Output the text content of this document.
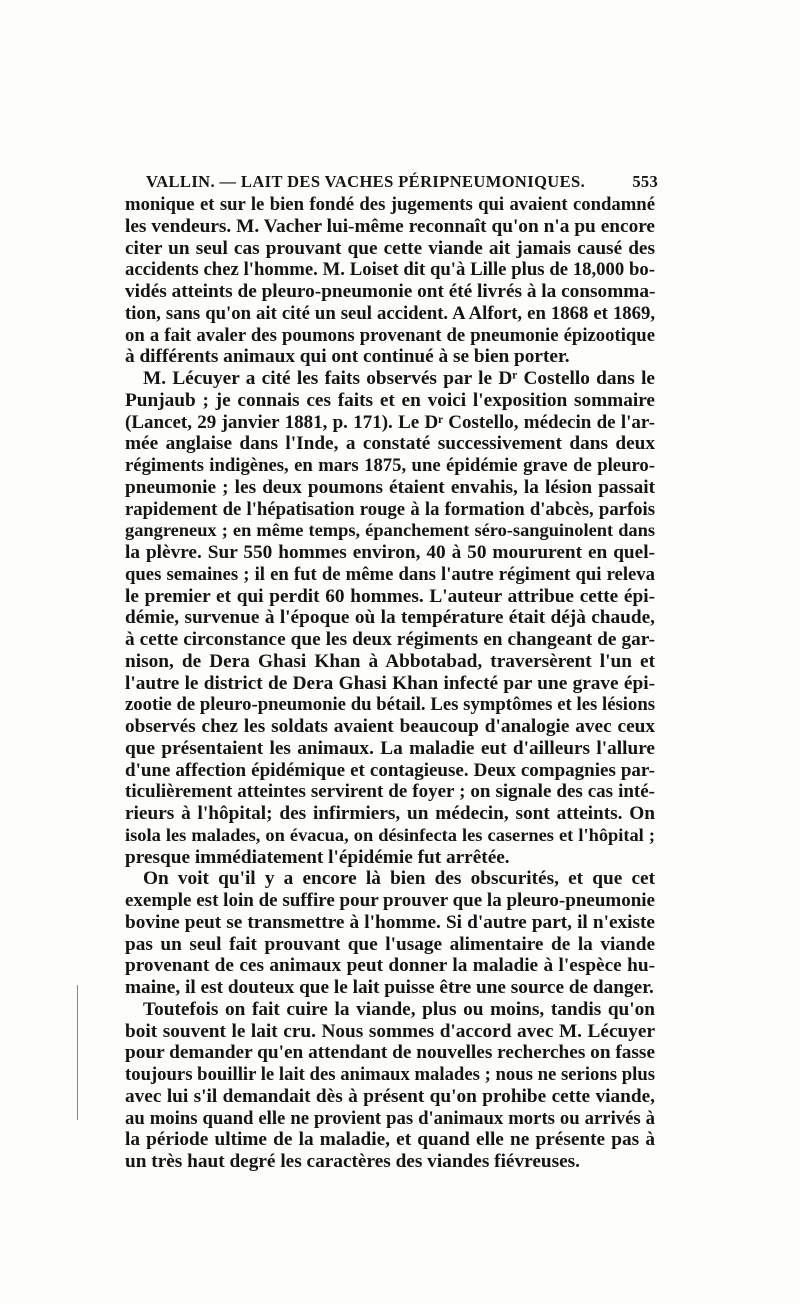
VALLIN. — LAIT DES VACHES PÉRIPNEUMONIQUES.	553
monique et sur le bien fondé des jugements qui avaient condamné
les vendeurs. M. Vacher lui-même reconnaît qu'on n'a pu encore
citer un seul cas prouvant que cette viande ait jamais causé des
accidents chez l'homme. M. Loiset dit qu'à Lille plus de 18,000 bo-
vidés atteints de pleuro-pneumonie ont été livrés à la consomma-
tion, sans qu'on ait cité un seul accident. A Alfort, en 1868 et 1869,
on a fait avaler des poumons provenant de pneumonie épizootique
à différents animaux qui ont continué à se bien porter.
M. Lécuyer a cité les faits observés par le Dʳ Costello dans le
Punjaub ; je connais ces faits et en voici l'exposition sommaire
(Lancet, 29 janvier 1881, p. 171). Le Dʳ Costello, médecin de l'ar-
mée anglaise dans l'Inde, a constaté successivement dans deux
régiments indigènes, en mars 1875, une épidémie grave de pleuro-
pneumonie ; les deux poumons étaient envahis, la lésion passait
rapidement de l'hépatisation rouge à la formation d'abcès, parfois
gangreneux ; en même temps, épanchement séro-sanguinolent dans
la plèvre. Sur 550 hommes environ, 40 à 50 moururent en quel-
ques semaines ; il en fut de même dans l'autre régiment qui releva
le premier et qui perdit 60 hommes. L'auteur attribue cette épi-
démie, survenue à l'époque où la température était déjà chaude,
à cette circonstance que les deux régiments en changeant de gar-
nison, de Dera Ghasi Khan à Abbotabad, traversèrent l'un et
l'autre le district de Dera Ghasi Khan infecté par une grave épi-
zootie de pleuro-pneumonie du bétail. Les symptômes et les lésions
observés chez les soldats avaient beaucoup d'analogie avec ceux
que présentaient les animaux. La maladie eut d'ailleurs l'allure
d'une affection épidémique et contagieuse. Deux compagnies par-
ticulièrement atteintes servirent de foyer ; on signale des cas inté-
rieurs à l'hôpital; des infirmiers, un médecin, sont atteints. On
isola les malades, on évacua, on désinfecta les casernes et l'hôpital ;
presque immédiatement l'épidémie fut arrêtée.
On voit qu'il y a encore là bien des obscurités, et que cet
exemple est loin de suffire pour prouver que la pleuro-pneumonie
bovine peut se transmettre à l'homme. Si d'autre part, il n'existe
pas un seul fait prouvant que l'usage alimentaire de la viande
provenant de ces animaux peut donner la maladie à l'espèce hu-
maine, il est douteux que le lait puisse être une source de danger.
Toutefois on fait cuire la viande, plus ou moins, tandis qu'on
boit souvent le lait cru. Nous sommes d'accord avec M. Lécuyer
pour demander qu'en attendant de nouvelles recherches on fasse
toujours bouillir le lait des animaux malades ; nous ne serions plus
avec lui s'il demandait dès à présent qu'on prohibe cette viande,
au moins quand elle ne provient pas d'animaux morts ou arrivés à
la période ultime de la maladie, et quand elle ne présente pas à
un très haut degré les caractères des viandes fiévreuses.
